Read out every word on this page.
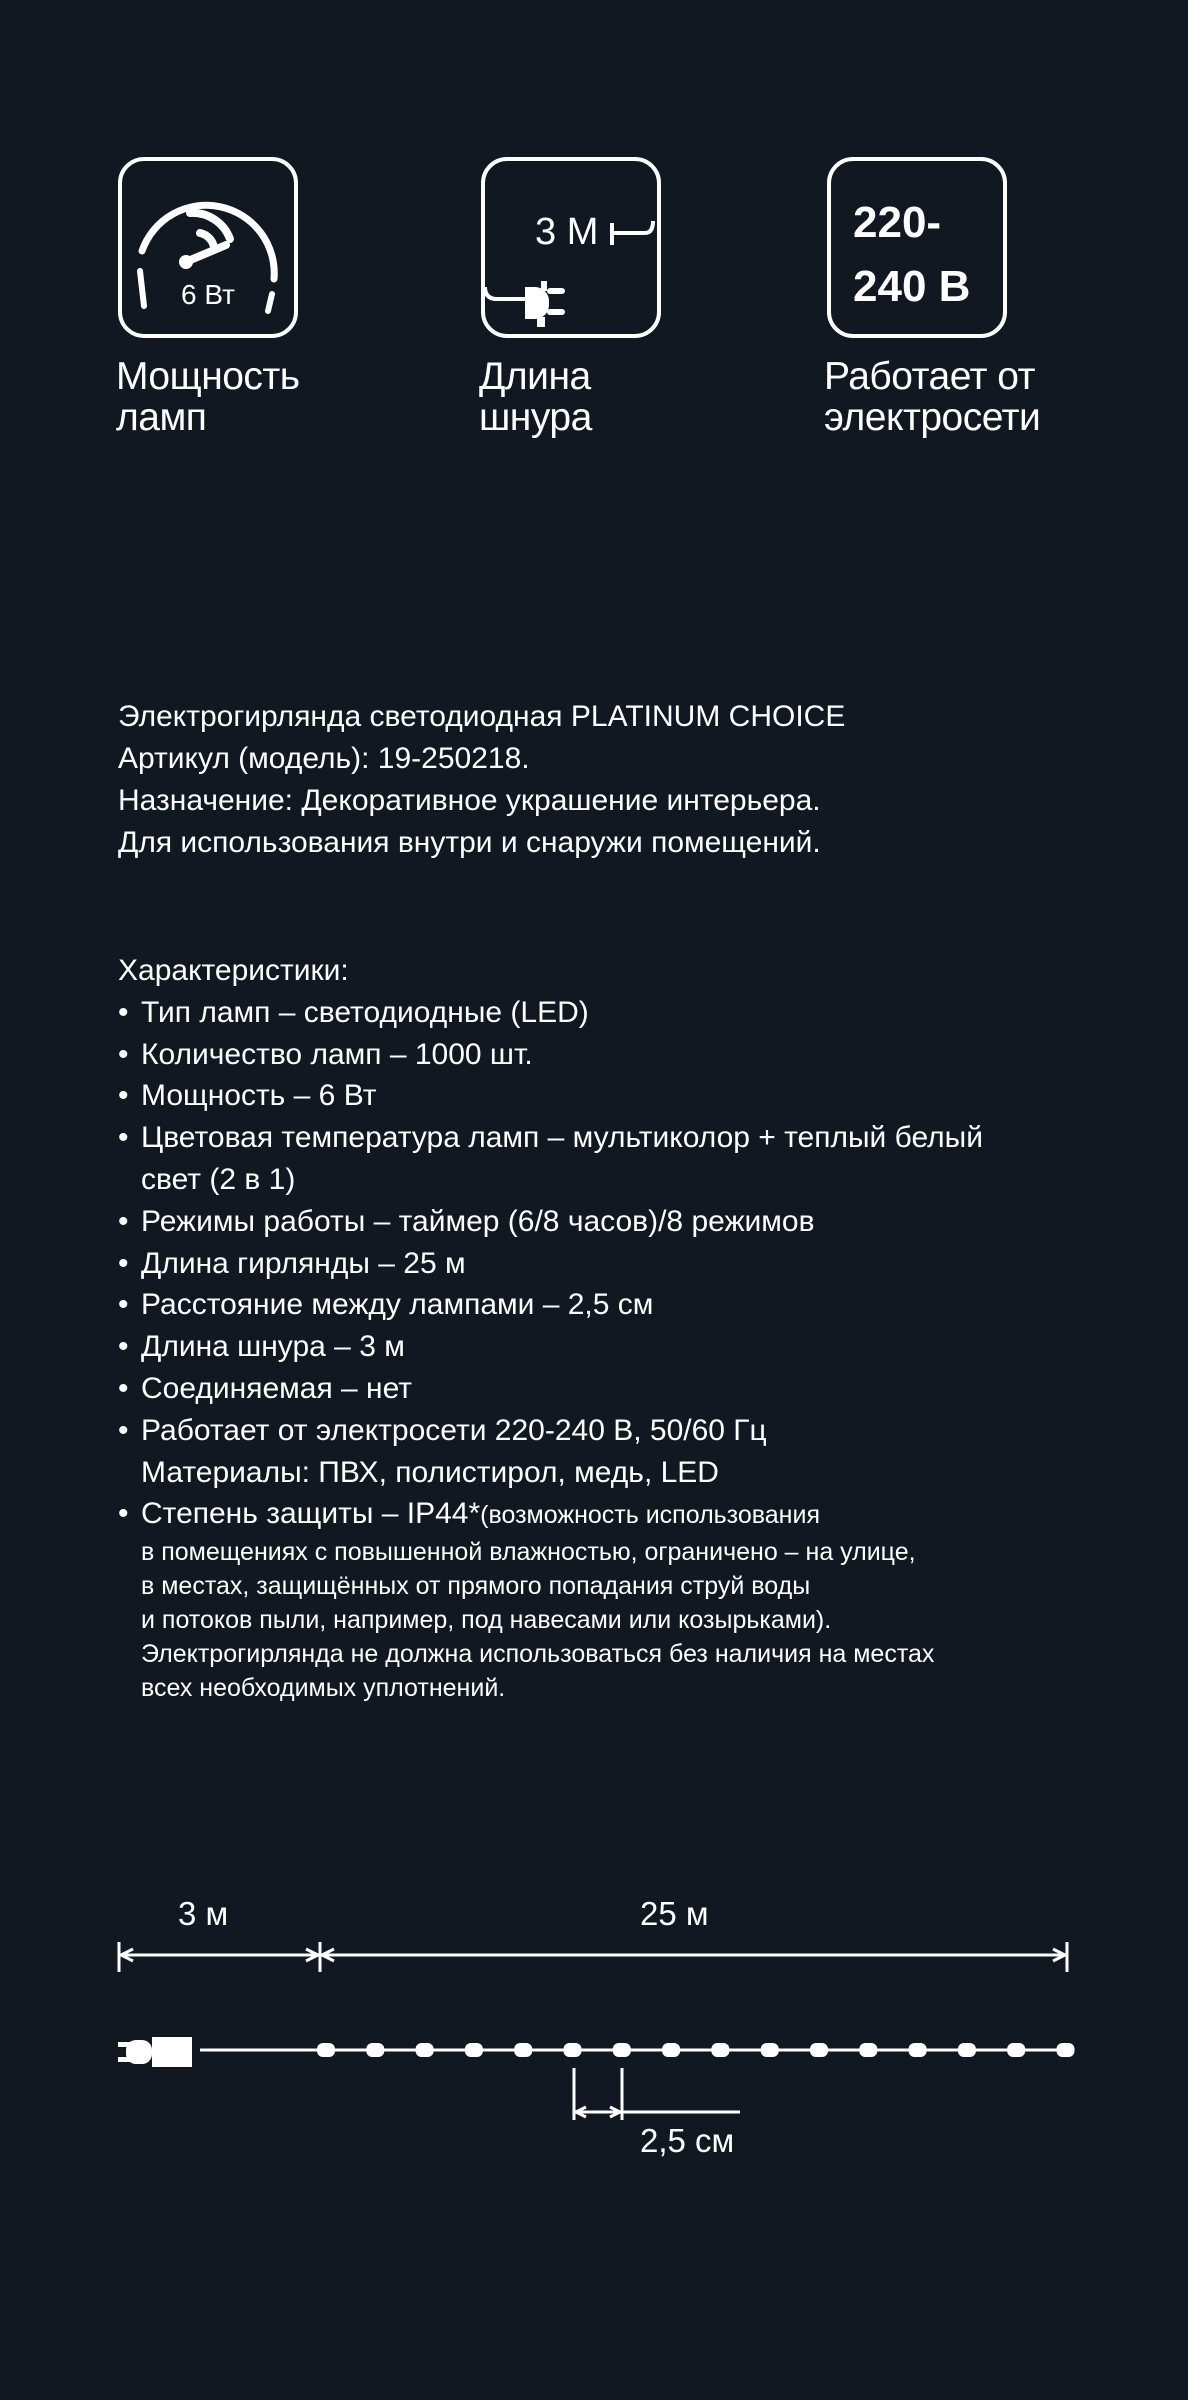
6 Вт
Мощность
ламп
3 М
Длина
шнура
220-
240 В
Работает от
электросети
Электрогирлянда светодиодная PLATINUM CHOICE
Артикул (модель): 19-250218.
Назначение: Декоративное украшение интерьера.
Для использования внутри и снаружи помещений.
Характеристики:
• Тип ламп – светодиодные (LED)
• Количество ламп – 1000 шт.
• Мощность – 6 Вт
• Цветовая температура ламп – мультиколор + теплый белый
свет (2 в 1)
• Режимы работы – таймер (6/8 часов)/8 режимов
• Длина гирлянды – 25 м
• Расстояние между лампами – 2,5 см
• Длина шнура – 3 м
• Соединяемая – нет
• Работает от электросети 220-240 В, 50/60 Гц
Материалы: ПВХ, полистирол, медь, LED
• Степень защиты – IP44*(возможность использования
в помещениях с повышенной влажностью, ограничено – на улице,
в местах, защищённых от прямого попадания струй воды
и потоков пыли, например, под навесами или козырьками).
Электрогирлянда не должна использоваться без наличия на местах
всех необходимых уплотнений.
3 м	25 м
2,5 см
